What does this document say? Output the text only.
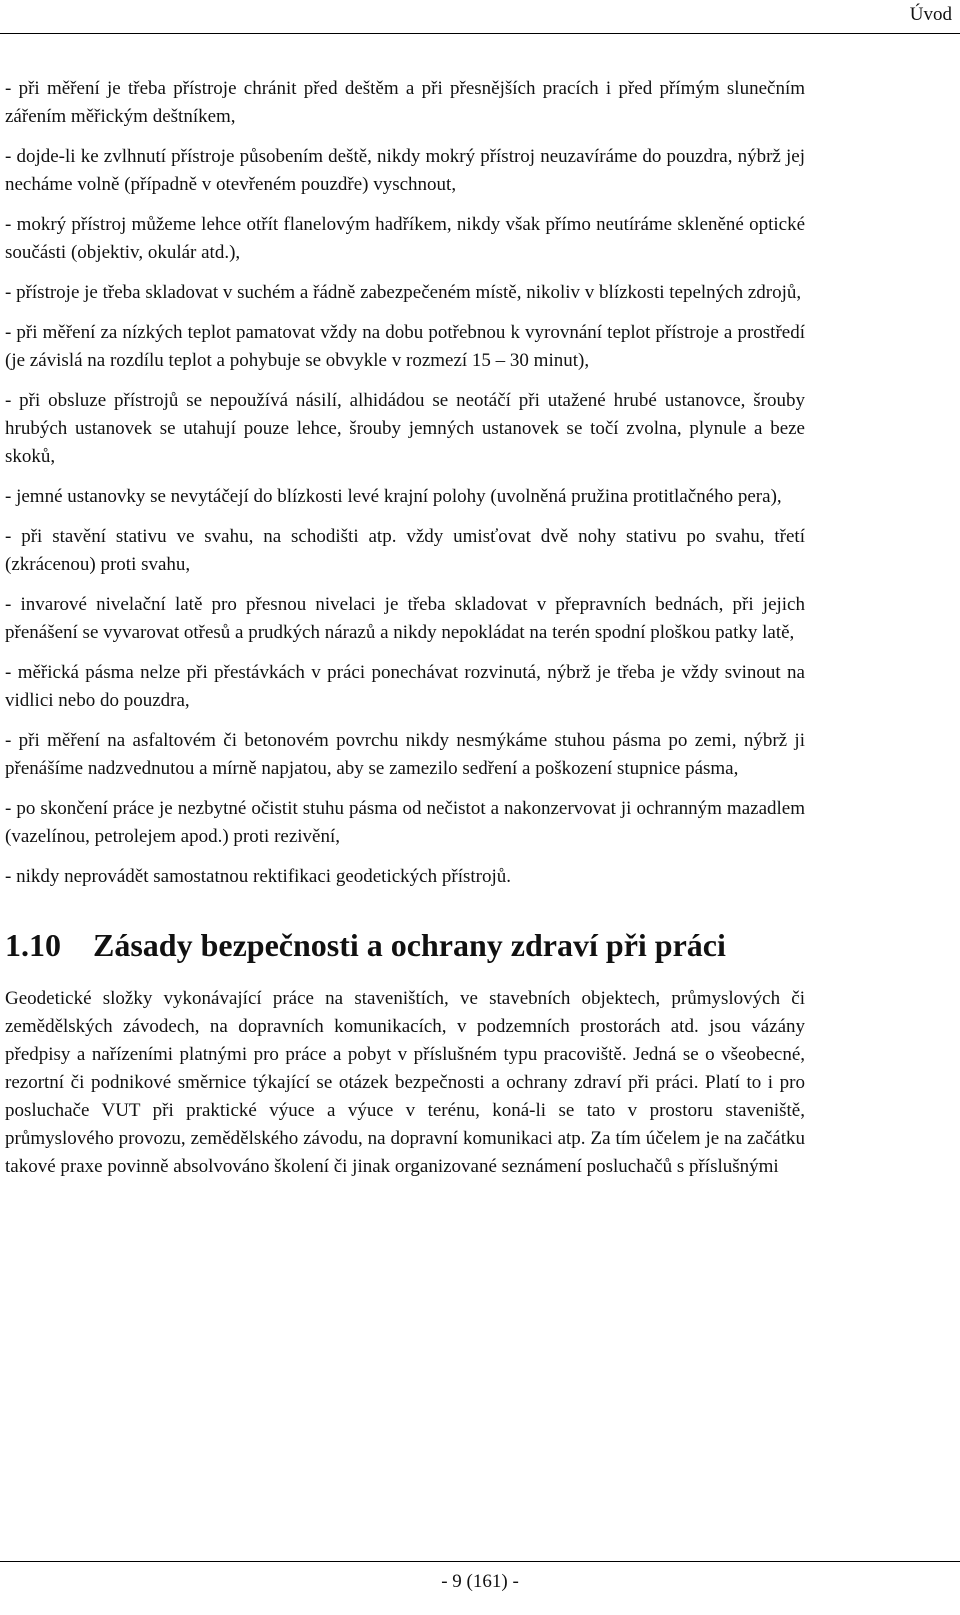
Úvod

- při měření je třeba přístroje chránit před deštěm a při přesnějších pracích i před přímým slunečním zářením měřickým deštníkem,

- dojde-li ke zvlhnutí přístroje působením deště, nikdy mokrý přístroj neuzavíráme do pouzdra, nýbrž jej necháme volně (případně v otevřeném pouzdře) vyschnout,

- mokrý přístroj můžeme lehce otřít flanelovým hadříkem, nikdy však přímo neutíráme skleněné optické součásti (objektiv, okulár atd.),

- přístroje je třeba skladovat v suchém a řádně zabezpečeném místě, nikoliv v blízkosti tepelných zdrojů,

- při měření za nízkých teplot pamatovat vždy na dobu potřebnou k vyrovnání teplot přístroje a prostředí (je závislá na rozdílu teplot a pohybuje se obvykle v rozmezí 15 – 30 minut),

- při obsluze přístrojů se nepoužívá násilí, alhidádou se neotáčí při utažené hrubé ustanovce, šrouby hrubých ustanovek se utahují pouze lehce, šrouby jemných ustanovek se točí zvolna, plynule a beze skoků,

- jemné ustanovky se nevytáčejí do blízkosti levé krajní polohy (uvolněná pružina protitlačného pera),

- při stavění stativu ve svahu, na schodišti atp. vždy umisťovat dvě nohy stativu po svahu, třetí (zkrácenou) proti svahu,

- invarové nivelační latě pro přesnou nivelaci je třeba skladovat v přepravních bednách, při jejich přenášení se vyvarovat otřesů a prudkých nárazů a nikdy nepokládat na terén spodní ploškou patky latě,

- měřická pásma nelze při přestávkách v práci ponechávat rozvinutá, nýbrž je třeba je vždy svinout na vidlici nebo do pouzdra,

- při měření na asfaltovém či betonovém povrchu nikdy nesmýkáme stuhou pásma po zemi, nýbrž ji přenášíme nadzvednutou a mírně napjatou, aby se zamezilo sedření a poškození stupnice pásma,

- po skončení práce je nezbytné očistit stuhu pásma od nečistot a nakonzervovat ji ochranným mazadlem (vazelínou, petrolejem apod.) proti rezivění,

- nikdy neprovádět samostatnou rektifikaci geodetických přístrojů.

1.10 Zásady bezpečnosti a ochrany zdraví při práci

Geodetické složky vykonávající práce na staveništích, ve stavebních objektech, průmyslových či zemědělských závodech, na dopravních komunikacích, v podzemních prostorách atd. jsou vázány předpisy a nařízeními platnými pro práce a pobyt v příslušném typu pracoviště. Jedná se o všeobecné, rezortní či podnikové směrnice týkající se otázek bezpečnosti a ochrany zdraví při práci. Platí to i pro posluchače VUT při praktické výuce a výuce v terénu, koná-li se tato v prostoru staveniště, průmyslového provozu, zemědělského závodu, na dopravní komunikaci atp. Za tím účelem je na začátku takové praxe povinně absolvováno školení či jinak organizované seznámení posluchačů s příslušnými

- 9 (161) -
